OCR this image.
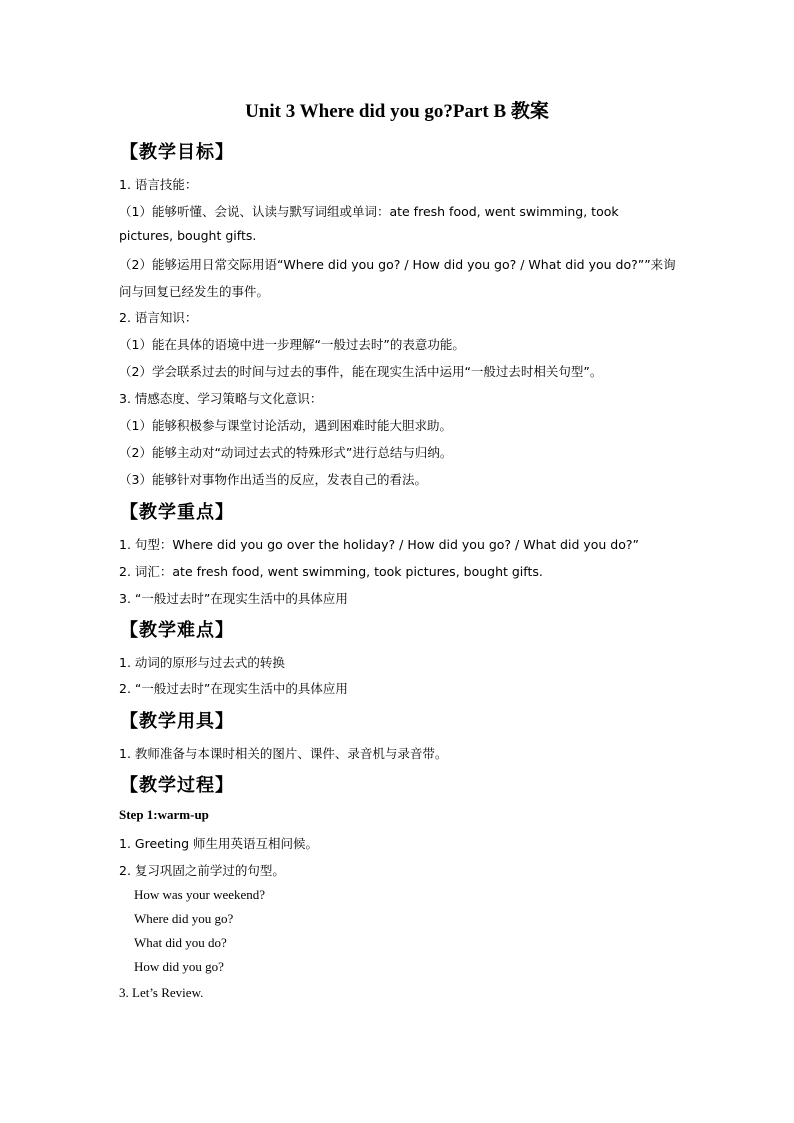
Unit 3 Where did you go?Part B 教案
【教学目标】
1. 语言技能：
（1）能够听懂、会说、认读与默写词组或单词：ate fresh food, went swimming, took
pictures, bought gifts.
（2）能够运用日常交际用语“Where did you go? / How did you go? / What did you do?””来询
问与回复已经发生的事件。
2. 语言知识：
（1）能在具体的语境中进一步理解“一般过去时”的表意功能。
（2）学会联系过去的时间与过去的事件，能在现实生活中运用“一般过去时相关句型”。
3. 情感态度、学习策略与文化意识：
（1）能够积极参与课堂讨论活动，遇到困难时能大胆求助。
（2）能够主动对“动词过去式的特殊形式”进行总结与归纳。
（3）能够针对事物作出适当的反应，发表自己的看法。
【教学重点】
1. 句型：Where did you go over the holiday? / How did you go? / What did you do?”
2. 词汇：ate fresh food, went swimming, took pictures, bought gifts.
3. “一般过去时”在现实生活中的具体应用
【教学难点】
1. 动词的原形与过去式的转换
2. “一般过去时”在现实生活中的具体应用
【教学用具】
1. 教师准备与本课时相关的图片、课件、录音机与录音带。
【教学过程】
Step 1:warm-up
1. Greeting 师生用英语互相问候。
2. 复习巩固之前学过的句型。
How was your weekend?
Where did you go?
What did you do?
How did you go?
3. Let’s Review.
